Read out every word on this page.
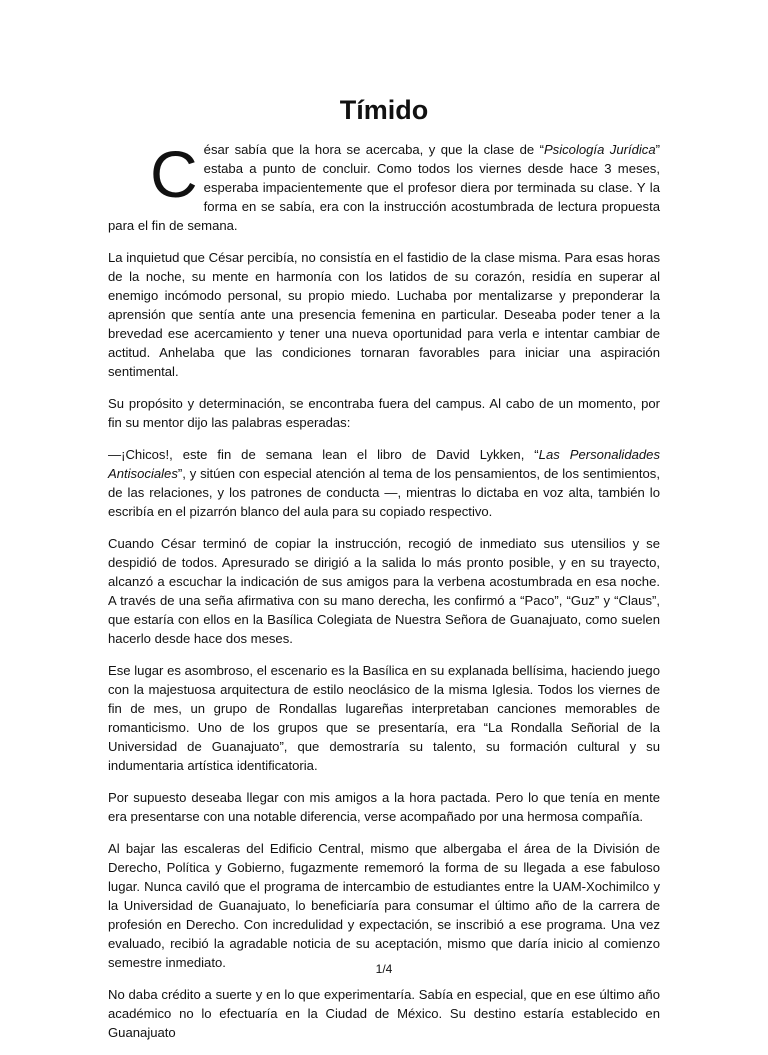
Tímido

César sabía que la hora se acercaba, y que la clase de “Psicología Jurídica” estaba a punto de concluir. Como todos los viernes desde hace 3 meses, esperaba impacientemente que el profesor diera por terminada su clase. Y la forma en se sabía, era con la instrucción acostumbrada de lectura propuesta para el fin de semana.

La inquietud que César percibía, no consistía en el fastidio de la clase misma. Para esas horas de la noche, su mente en harmonía con los latidos de su corazón, residía en superar al enemigo incómodo personal, su propio miedo. Luchaba por mentalizarse y preponderar la aprensión que sentía ante una presencia femenina en particular. Deseaba poder tener a la brevedad ese acercamiento y tener una nueva oportunidad para verla e intentar cambiar de actitud. Anhelaba que las condiciones tornaran favorables para iniciar una aspiración sentimental.

Su propósito y determinación, se encontraba fuera del campus. Al cabo de un momento, por fin su mentor dijo las palabras esperadas:

—¡Chicos!, este fin de semana lean el libro de David Lykken, “Las Personalidades Antisociales”, y sitúen con especial atención al tema de los pensamientos, de los sentimientos, de las relaciones, y los patrones de conducta —, mientras lo dictaba en voz alta, también lo escribía en el pizarrón blanco del aula para su copiado respectivo.

Cuando César terminó de copiar la instrucción, recogió de inmediato sus utensilios y se despidió de todos. Apresurado se dirigió a la salida lo más pronto posible, y en su trayecto, alcanzó a escuchar la indicación de sus amigos para la verbena acostumbrada en esa noche. A través de una seña afirmativa con su mano derecha, les confirmó a “Paco”, “Guz” y “Claus”, que estaría con ellos en la Basílica Colegiata de Nuestra Señora de Guanajuato, como suelen hacerlo desde hace dos meses.

Ese lugar es asombroso, el escenario es la Basílica en su explanada bellísima, haciendo juego con la majestuosa arquitectura de estilo neoclásico de la misma Iglesia. Todos los viernes de fin de mes, un grupo de Rondallas lugareñas interpretaban canciones memorables de romanticismo. Uno de los grupos que se presentaría, era “La Rondalla Señorial de la Universidad de Guanajuato”, que demostraría su talento, su formación cultural y su indumentaria artística identificatoria.

Por supuesto deseaba llegar con mis amigos a la hora pactada. Pero lo que tenía en mente era presentarse con una notable diferencia, verse acompañado por una hermosa compañía.

Al bajar las escaleras del Edificio Central, mismo que albergaba el área de la División de Derecho, Política y Gobierno, fugazmente rememoró la forma de su llegada a ese fabuloso lugar. Nunca caviló que el programa de intercambio de estudiantes entre la UAM-Xochimilco y la Universidad de Guanajuato, lo beneficiaría para consumar el último año de la carrera de profesión en Derecho. Con incredulidad y expectación, se inscribió a ese programa. Una vez evaluado, recibió la agradable noticia de su aceptación, mismo que daría inicio al comienzo semestre inmediato.

No daba crédito a suerte y en lo que experimentaría. Sabía en especial, que en ese último año académico no lo efectuaría en la Ciudad de México. Su destino estaría establecido en Guanajuato

1/4
